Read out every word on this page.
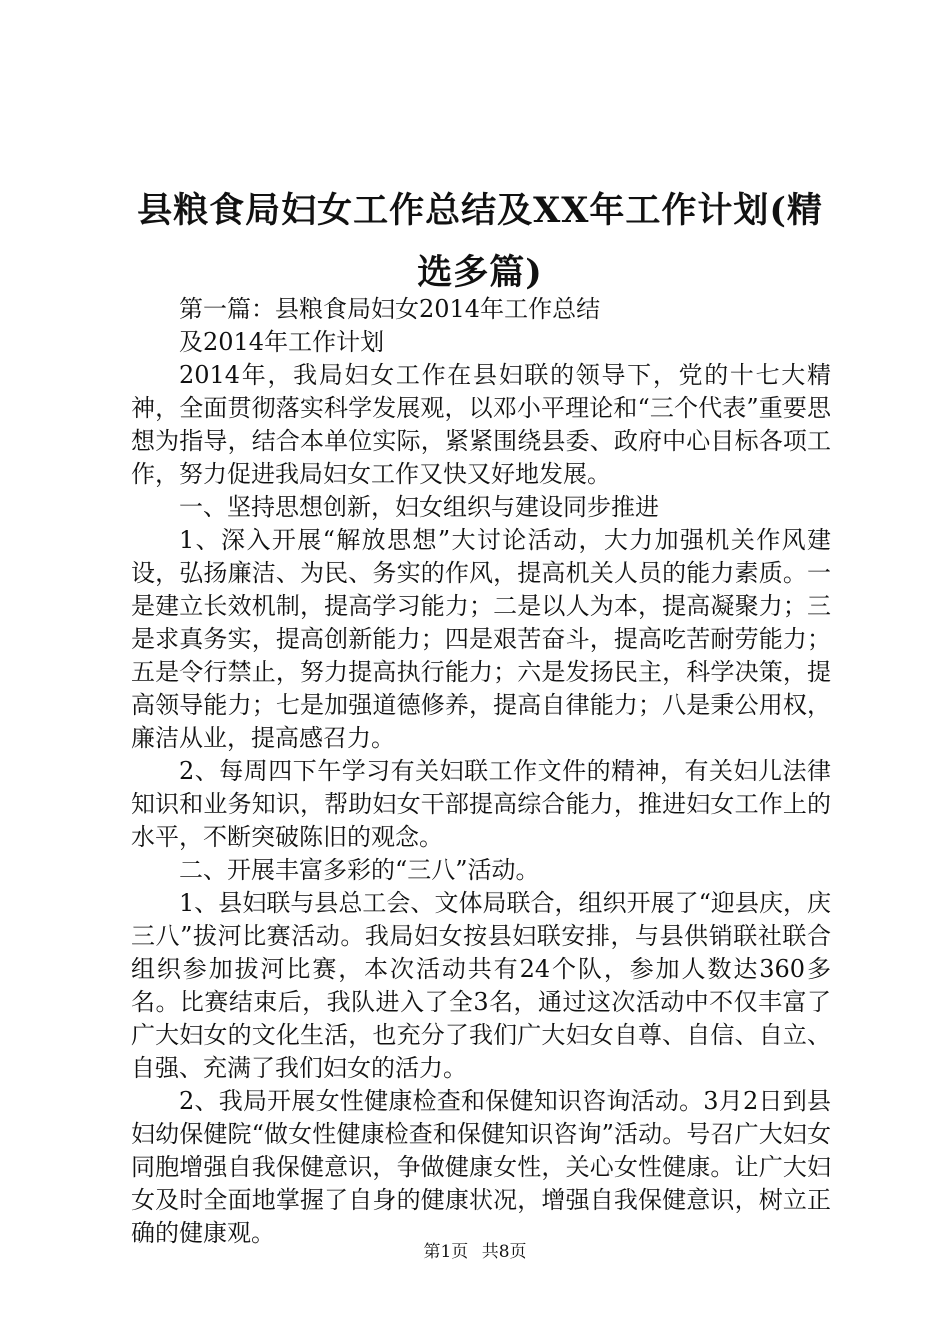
县粮食局妇女工作总结及XX年工作计划(精选多篇)

第一篇：县粮食局妇女2014年工作总结

及2014年工作计划

2014年，我局妇女工作在县妇联的领导下，党的十七大精神，全面贯彻落实科学发展观，以邓小平理论和“三个代表”重要思想为指导，结合本单位实际，紧紧围绕县委、政府中心目标各项工作，努力促进我局妇女工作又快又好地发展。

一、坚持思想创新，妇女组织与建设同步推进

1、深入开展“解放思想”大讨论活动，大力加强机关作风建设，弘扬廉洁、为民、务实的作风，提高机关人员的能力素质。一是建立长效机制，提高学习能力；二是以人为本，提高凝聚力；三是求真务实，提高创新能力；四是艰苦奋斗，提高吃苦耐劳能力；五是令行禁止，努力提高执行能力；六是发扬民主，科学决策，提高领导能力；七是加强道德修养，提高自律能力；八是秉公用权，廉洁从业，提高感召力。

2、每周四下午学习有关妇联工作文件的精神，有关妇儿法律知识和业务知识，帮助妇女干部提高综合能力，推进妇女工作上的水平，不断突破陈旧的观念。

二、开展丰富多彩的“三八”活动。

1、县妇联与县总工会、文体局联合，组织开展了“迎县庆，庆三八”拔河比赛活动。我局妇女按县妇联安排，与县供销联社联合组织参加拔河比赛，本次活动共有24个队，参加人数达360多名。比赛结束后，我队进入了全3名，通过这次活动中不仅丰富了广大妇女的文化生活，也充分了我们广大妇女自尊、自信、自立、自强、充满了我们妇女的活力。

2、我局开展女性健康检查和保健知识咨询活动。3月2日到县妇幼保健院“做女性健康检查和保健知识咨询”活动。号召广大妇女同胞增强自我保健意识，争做健康女性，关心女性健康。让广大妇女及时全面地掌握了自身的健康状况，增强自我保健意识，树立正确的健康观。

第1页 共8页
